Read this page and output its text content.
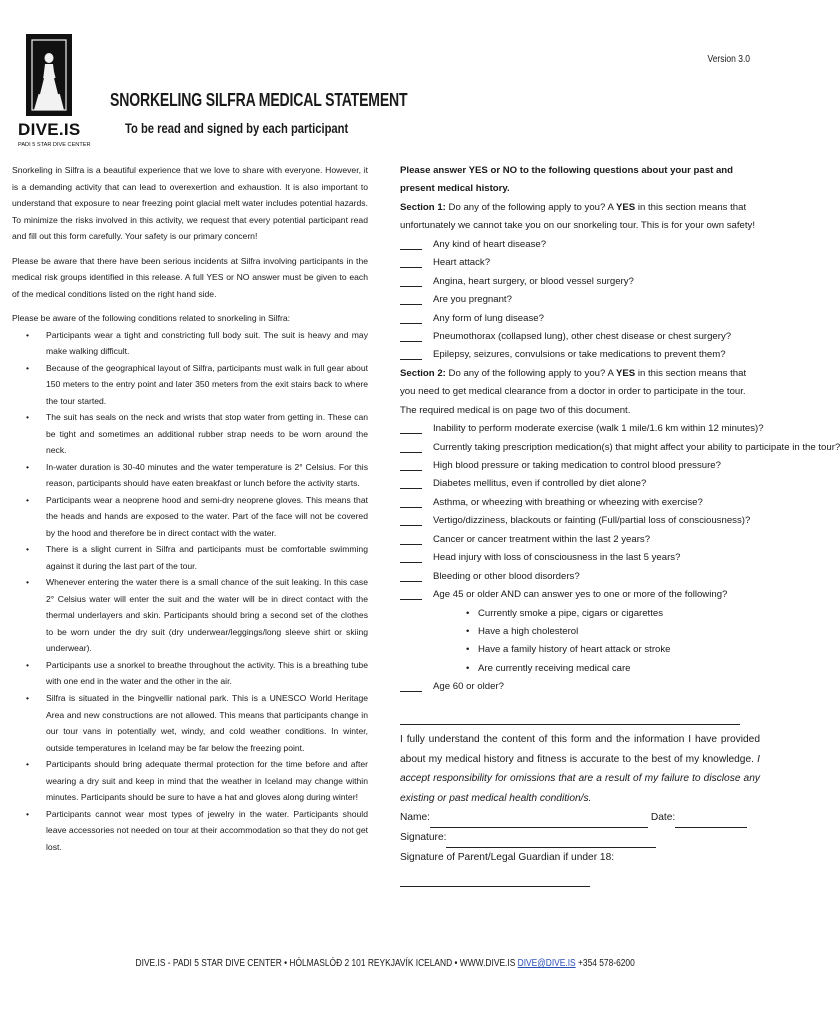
DIVE.IS
PADI 5 STAR DIVE CENTER
Version 3.0
SNORKELING SILFRA MEDICAL STATEMENT
To be read and signed by each participant

Snorkeling in Silfra is a beautiful experience that we love to share with everyone. However, it is a demanding activity that can lead to overexertion and exhaustion. It is also important to understand that exposure to near freezing point glacial melt water includes potential hazards. To minimize the risks involved in this activity, we request that every potential participant read and fill out this form carefully. Your safety is our primary concern!

Please be aware that there have been serious incidents at Silfra involving participants in the medical risk groups identified in this release. A full YES or NO answer must be given to each of the medical conditions listed on the right hand side.

Please be aware of the following conditions related to snorkeling in Silfra:

• Participants wear a tight and constricting full body suit. The suit is heavy and may make walking difficult.
• Because of the geographical layout of Silfra, participants must walk in full gear about 150 meters to the entry point and later 350 meters from the exit stairs back to where the tour started.
• The suit has seals on the neck and wrists that stop water from getting in. These can be tight and sometimes an additional rubber strap needs to be worn around the neck.
• In-water duration is 30-40 minutes and the water temperature is 2° Celsius. For this reason, participants should have eaten breakfast or lunch before the activity starts.
• Participants wear a neoprene hood and semi-dry neoprene gloves. This means that the heads and hands are exposed to the water. Part of the face will not be covered by the hood and therefore be in direct contact with the water.
• There is a slight current in Silfra and participants must be comfortable swimming against it during the last part of the tour.
• Whenever entering the water there is a small chance of the suit leaking. In this case 2° Celsius water will enter the suit and the water will be in direct contact with the thermal underlayers and skin. Participants should bring a second set of the clothes to be worn under the dry suit (dry underwear/leggings/long sleeve shirt or skiing underwear).
• Participants use a snorkel to breathe throughout the activity. This is a breathing tube with one end in the water and the other in the air.
• Silfra is situated in the Þingvellir national park. This is a UNESCO World Heritage Area and new constructions are not allowed. This means that participants change in our tour vans in potentially wet, windy, and cold weather conditions. In winter, outside temperatures in Iceland may be far below the freezing point.
• Participants should bring adequate thermal protection for the time before and after wearing a dry suit and keep in mind that the weather in Iceland may change within minutes. Participants should be sure to have a hat and gloves along during winter!
• Participants cannot wear most types of jewelry in the water. Participants should leave accessories not needed on tour at their accommodation so that they do not get lost.
Please answer YES or NO to the following questions about your past and present medical history.
Section 1: Do any of the following apply to you? A YES in this section means that unfortunately we cannot take you on our snorkeling tour. This is for your own safety!
Any kind of heart disease?
Heart attack?
Angina, heart surgery, or blood vessel surgery?
Are you pregnant?
Any form of lung disease?
Pneumothorax (collapsed lung), other chest disease or chest surgery?
Epilepsy, seizures, convulsions or take medications to prevent them?
Section 2: Do any of the following apply to you? A YES in this section means that you need to get medical clearance from a doctor in order to participate in the tour. The required medical is on page two of this document.
Inability to perform moderate exercise (walk 1 mile/1.6 km within 12 minutes)?
Currently taking prescription medication(s) that might affect your ability to participate in the tour?
High blood pressure or taking medication to control blood pressure?
Diabetes mellitus, even if controlled by diet alone?
Asthma, or wheezing with breathing or wheezing with exercise?
Vertigo/dizziness, blackouts or fainting (Full/partial loss of consciousness)?
Cancer or cancer treatment within the last 2 years?
Head injury with loss of consciousness in the last 5 years?
Bleeding or other blood disorders?
Age 45 or older AND can answer yes to one or more of the following?
• Currently smoke a pipe, cigars or cigarettes
• Have a high cholesterol
• Have a family history of heart attack or stroke
• Are currently receiving medical care
Age 60 or older?

I fully understand the content of this form and the information I have provided about my medical history and fitness is accurate to the best of my knowledge. I accept responsibility for omissions that are a result of my failure to disclose any existing or past medical health condition/s.

Name:	Date:
Signature:
Signature of Parent/Legal Guardian if under 18:
DIVE.IS - PADI 5 STAR DIVE CENTER • HÓLMASLÓÐ 2 101 REYKJAVÍK ICELAND • WWW.DIVE.IS DIVE@DIVE.IS +354 578-6200
